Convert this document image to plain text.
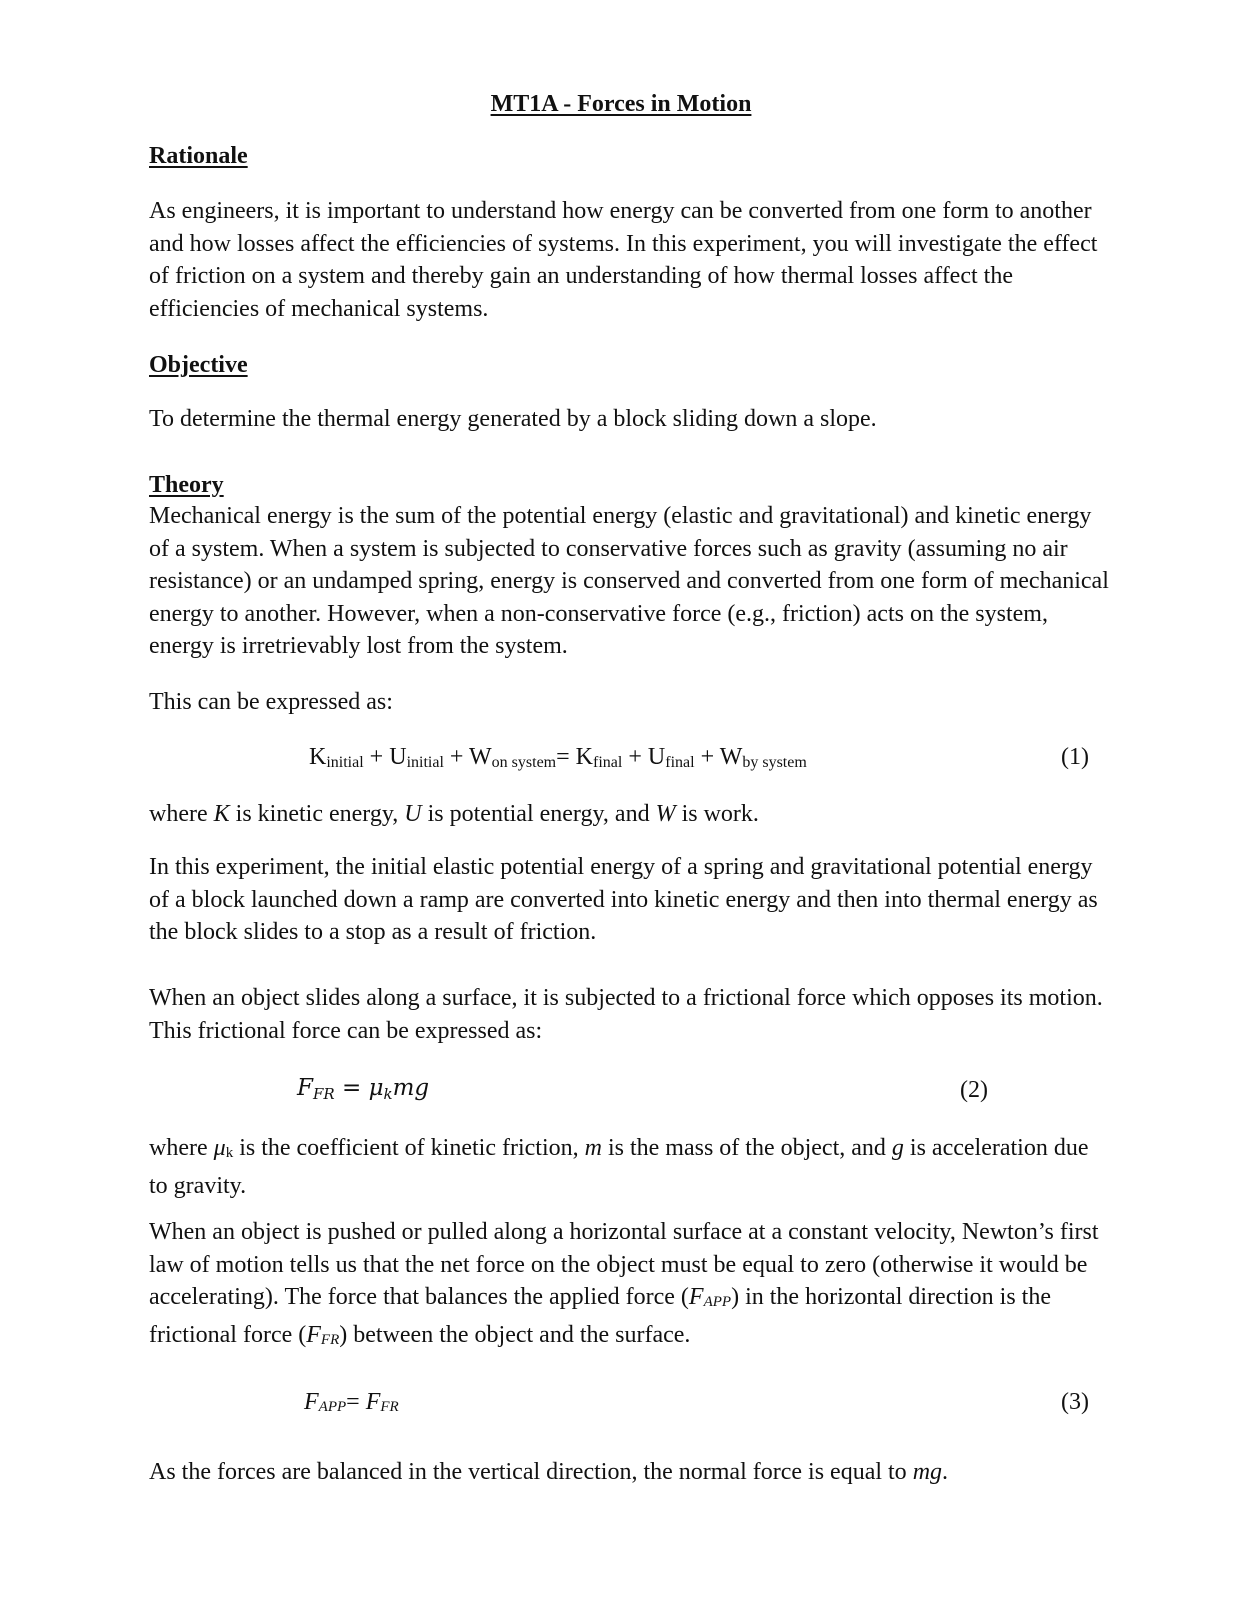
MT1A - Forces in Motion
Rationale

As engineers, it is important to understand how energy can be converted from one form to another and how losses affect the efficiencies of systems. In this experiment, you will investigate the effect of friction on a system and thereby gain an understanding of how thermal losses affect the efficiencies of mechanical systems.

Objective

To determine the thermal energy generated by a block sliding down a slope.

Theory

Mechanical energy is the sum of the potential energy (elastic and gravitational) and kinetic energy of a system. When a system is subjected to conservative forces such as gravity (assuming no air resistance) or an undamped spring, energy is conserved and converted from one form of mechanical energy to another. However, when a non-conservative force (e.g., friction) acts on the system, energy is irretrievably lost from the system.

This can be expressed as:

$K_{initial} + U_{initial} + W_{on system}= K_{final} + U_{final} + W_{by system}$	(1)

where K is kinetic energy, U is potential energy, and W is work.

In this experiment, the initial elastic potential energy of a spring and gravitational potential energy of a block launched down a ramp are converted into kinetic energy and then into thermal energy as the block slides to a stop as a result of friction.

When an object slides along a surface, it is subjected to a frictional force which opposes its motion. This frictional force can be expressed as:

$F_{FR} = \mu_kmg$	(2)

where μk is the coefficient of kinetic friction, m is the mass of the object, and g is acceleration due to gravity.

When an object is pushed or pulled along a horizontal surface at a constant velocity, Newton’s first law of motion tells us that the net force on the object must be equal to zero (otherwise it would be accelerating). The force that balances the applied force (FAPP) in the horizontal direction is the frictional force (FFR) between the object and the surface.

FAPP= FFR	(3)

As the forces are balanced in the vertical direction, the normal force is equal to mg.
